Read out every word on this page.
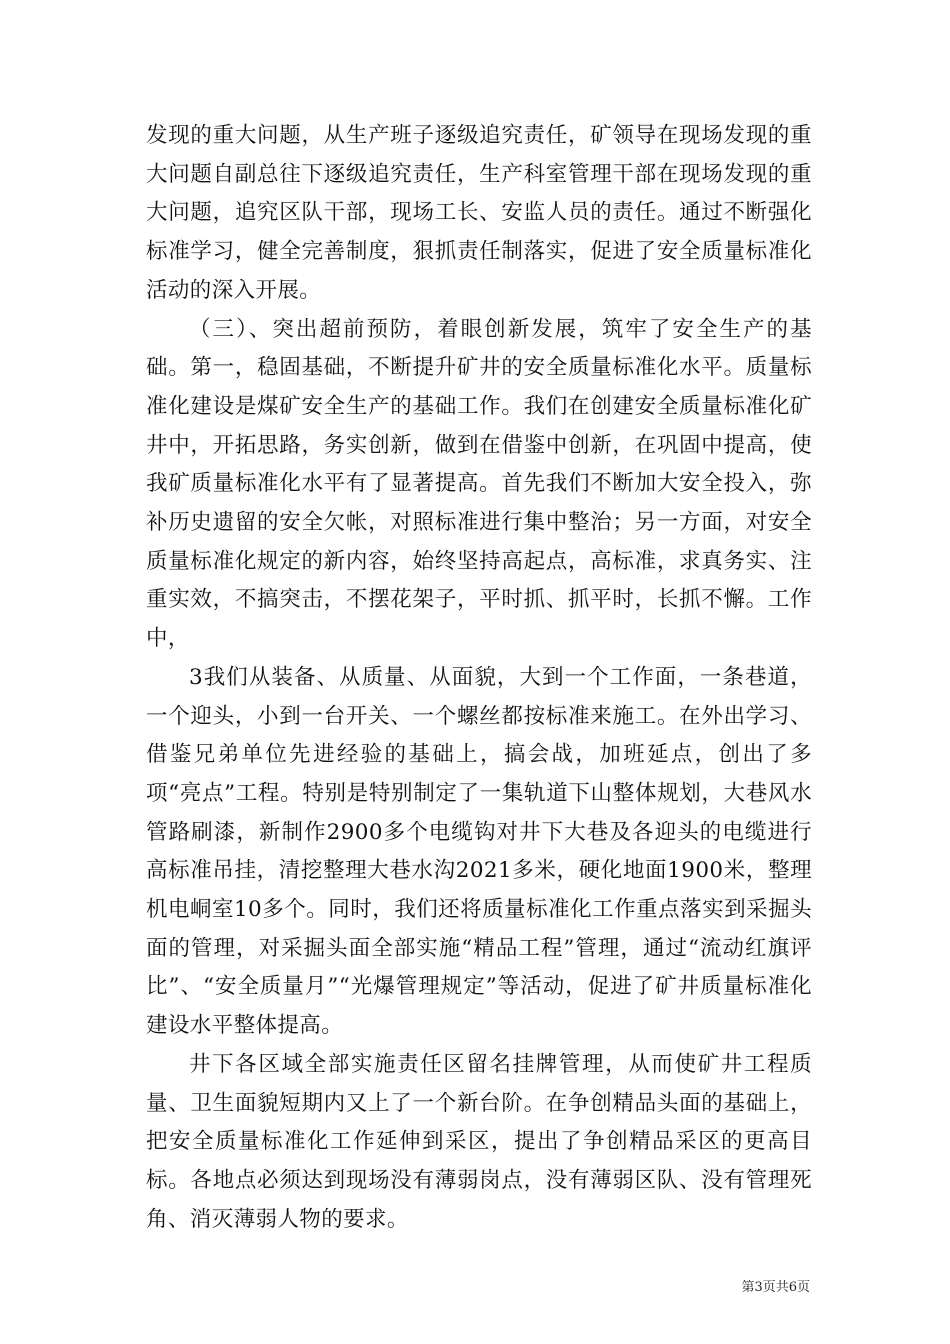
发现的重大问题，从生产班子逐级追究责任，矿领导在现场发现的重大问题自副总往下逐级追究责任，生产科室管理干部在现场发现的重大问题，追究区队干部，现场工长、安监人员的责任。通过不断强化标准学习，健全完善制度，狠抓责任制落实，促进了安全质量标准化活动的深入开展。

（三）、突出超前预防，着眼创新发展，筑牢了安全生产的基础。第一，稳固基础，不断提升矿井的安全质量标准化水平。质量标准化建设是煤矿安全生产的基础工作。我们在创建安全质量标准化矿井中，开拓思路，务实创新，做到在借鉴中创新，在巩固中提高，使我矿质量标准化水平有了显著提高。首先我们不断加大安全投入，弥补历史遗留的安全欠帐，对照标准进行集中整治；另一方面，对安全质量标准化规定的新内容，始终坚持高起点，高标准，求真务实、注重实效，不搞突击，不摆花架子，平时抓、抓平时，长抓不懈。工作中，

3我们从装备、从质量、从面貌，大到一个工作面，一条巷道，一个迎头，小到一台开关、一个螺丝都按标准来施工。在外出学习、借鉴兄弟单位先进经验的基础上，搞会战，加班延点，创出了多项“亮点”工程。特别是特别制定了一集轨道下山整体规划，大巷风水管路刷漆，新制作2900多个电缆钩对井下大巷及各迎头的电缆进行高标准吊挂，清挖整理大巷水沟2021多米，硬化地面1900米，整理机电峒室10多个。同时，我们还将质量标准化工作重点落实到采掘头面的管理，对采掘头面全部实施“精品工程”管理，通过“流动红旗评比”、“安全质量月”“光爆管理规定”等活动，促进了矿井质量标准化建设水平整体提高。

井下各区域全部实施责任区留名挂牌管理，从而使矿井工程质量、卫生面貌短期内又上了一个新台阶。在争创精品头面的基础上，把安全质量标准化工作延伸到采区，提出了争创精品采区的更高目标。各地点必须达到现场没有薄弱岗点，没有薄弱区队、没有管理死角、消灭薄弱人物的要求。

第3页共6页
